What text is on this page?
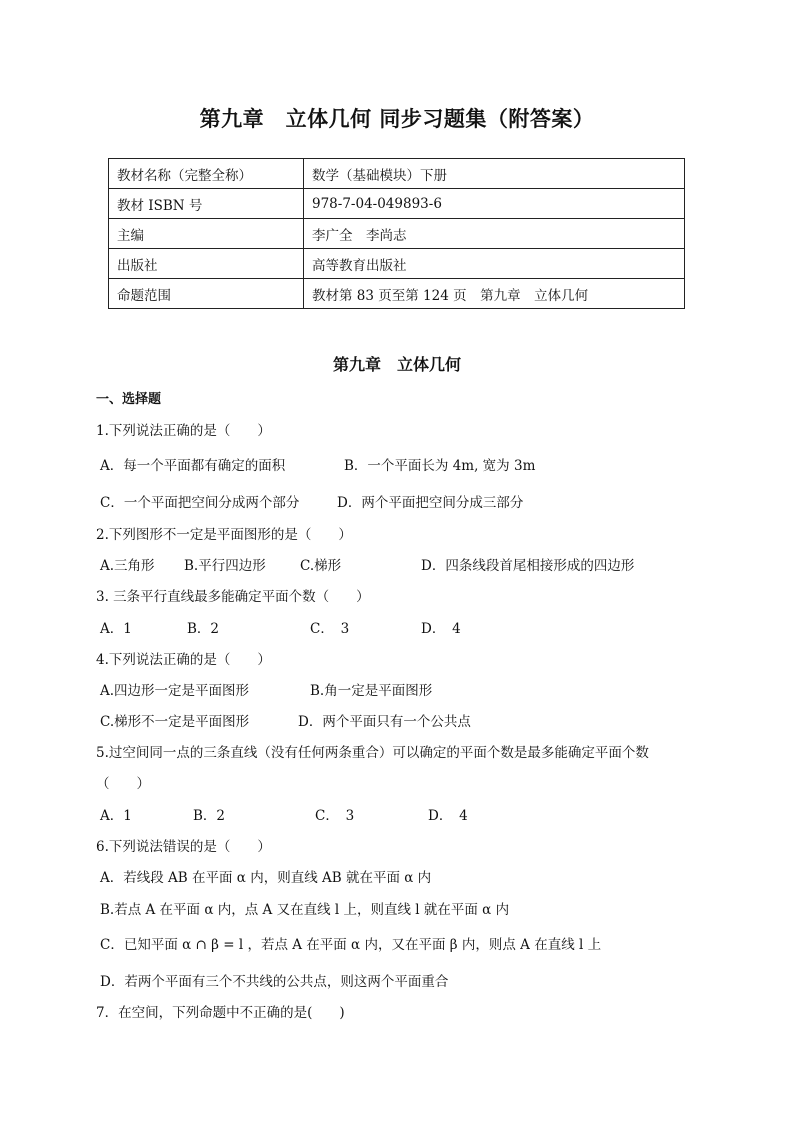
第九章　立体几何 同步习题集（附答案）
教材名称（完整全称）	数学（基础模块）下册
教材 ISBN 号	978-7-04-049893-6
主编	李广全　李尚志
出版社	高等教育出版社
命题范围	教材第 83 页至第 124 页　第九章　立体几何
第九章　立体几何
一、选择题
1.下列说法正确的是（　　）
A．每一个平面都有确定的面积	B．一个平面长为 4m, 宽为 3m
C．一个平面把空间分成两个部分	D．两个平面把空间分成三部分
2.下列图形不一定是平面图形的是（　　）
A.三角形 B.平行四边形	C.梯形	D．四条线段首尾相接形成的四边形
3. 三条平行直线最多能确定平面个数（　　）
A．1	B．2	C．　3	D．　4
4.下列说法正确的是（　　）
A.四边形一定是平面图形	B.角一定是平面图形
C.梯形不一定是平面图形	D．两个平面只有一个公共点
5.过空间同一点的三条直线（没有任何两条重合）可以确定的平面个数是最多能确定平面个数
（　　）
A．1	B．2	C．　3	D．　4
6.下列说法错误的是（　　）
A．若线段 AB 在平面 α 内，则直线 AB 就在平面 α 内
B.若点 A 在平面 α 内，点 A 又在直线 l 上，则直线 l 就在平面 α 内
C．已知平面 α ∩ β = l ，若点 A 在平面 α 内，又在平面 β 内，则点 A 在直线 l 上
D．若两个平面有三个不共线的公共点，则这两个平面重合
7．在空间，下列命题中不正确的是(　　)
